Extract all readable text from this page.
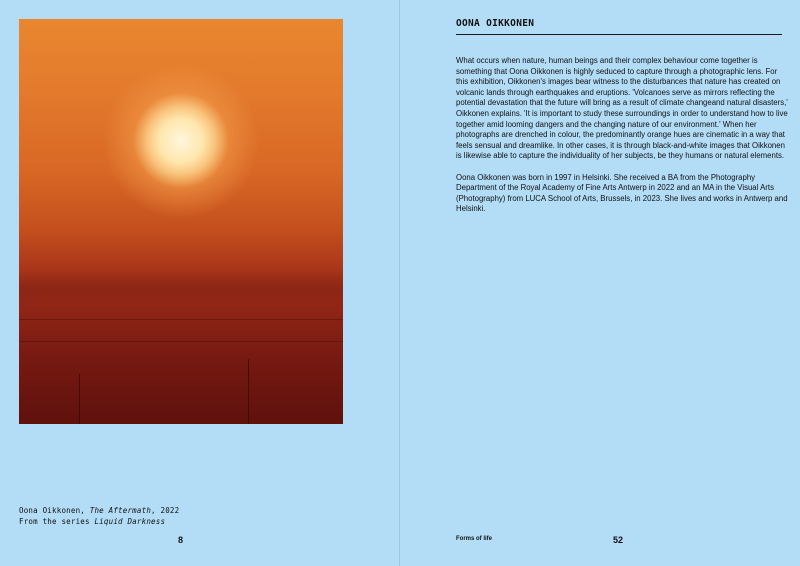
Oona Oikkonen, The Aftermath, 2022
From the series Liquid Darkness
8
OONA OIKKONEN

What occurs when nature, human beings and their complex behaviour come together is something that Oona Oikkonen is highly seduced to capture through a photographic lens. For this exhibition, Oikkonen's images bear witness to the disturbances that nature has created on volcanic lands through earthquakes and eruptions. 'Volcanoes serve as mirrors reflecting the potential devastation that the future will bring as a result of climate changeand natural disasters,' Oikkonen explains. 'It is important to study these surroundings in order to understand how to live together amid looming dangers and the changing nature of our environment.' When her photographs are drenched in colour, the predominantly orange hues are cinematic in a way that feels sensual and dreamlike. In other cases, it is through black-and-white images that Oikkonen is likewise able to capture the individuality of her subjects, be they humans or natural elements.

Oona Oikkonen was born in 1997 in Helsinki. She received a BA from the Photography Department of the Royal Academy of Fine Arts Antwerp in 2022 and an MA in the Visual Arts (Photography) from LUCA School of Arts, Brussels, in 2023. She lives and works in Antwerp and Helsinki.

Forms of life	52
